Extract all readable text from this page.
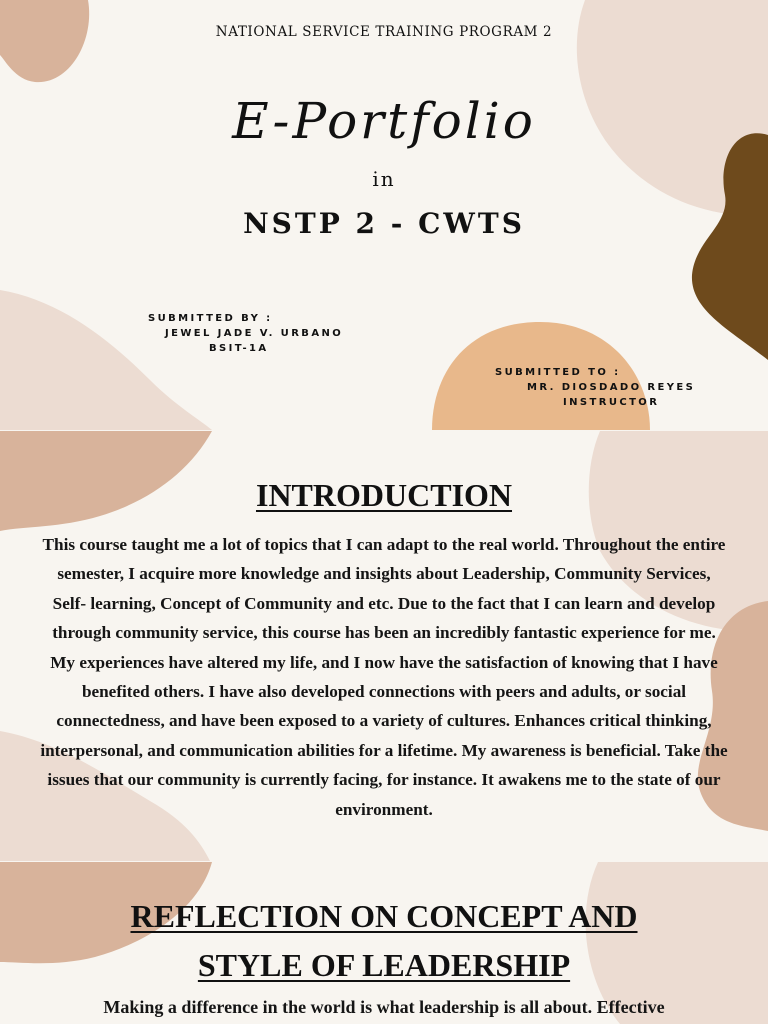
NATIONAL SERVICE TRAINING PROGRAM 2
E-Portfolio
in
NSTP 2 - CWTS
SUBMITTED BY :
JEWEL JADE V. URBANO
BSIT-1A
SUBMITTED TO :
MR. DIOSDADO REYES
INSTRUCTOR
INTRODUCTION
This course taught me a lot of topics that I can adapt to the real world. Throughout the entire semester, I acquire more knowledge and insights about Leadership, Community Services, Self- learning, Concept of Community and etc. Due to the fact that I can learn and develop through community service, this course has been an incredibly fantastic experience for me. My experiences have altered my life, and I now have the satisfaction of knowing that I have benefited others. I have also developed connections with peers and adults, or social connectedness, and have been exposed to a variety of cultures. Enhances critical thinking, interpersonal, and communication abilities for a lifetime. My awareness is beneficial. Take the issues that our community is currently facing, for instance. It awakens me to the state of our environment.
REFLECTION ON CONCEPT AND STYLE OF LEADERSHIP
Making a difference in the world is what leadership is all about. Effective
